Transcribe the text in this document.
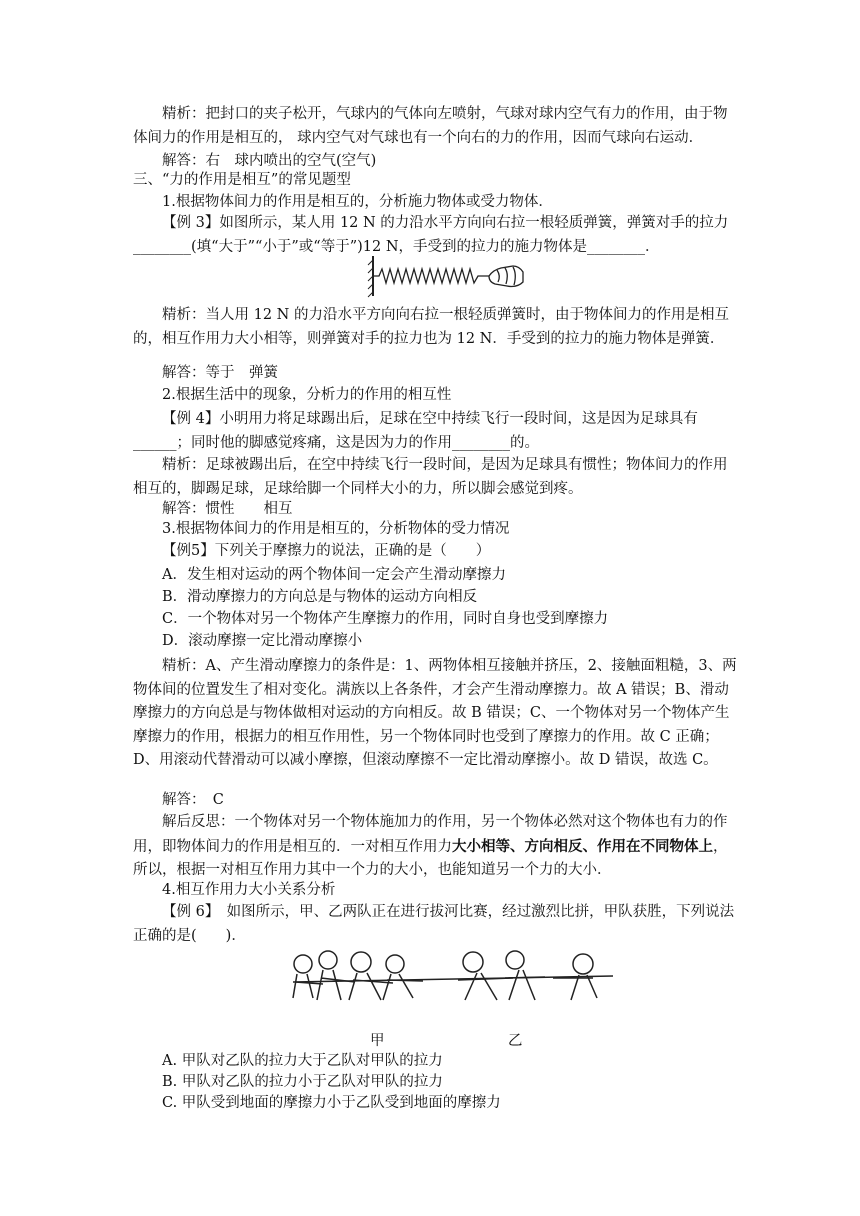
精析：把封口的夹子松开，气球内的气体向左喷射，气球对球内空气有力的作用，由于物体间力的作用是相互的， 球内空气对气球也有一个向右的力的作用，因而气球向右运动．

解答：右　球内喷出的空气(空气)

三、“力的作用是相互”的常见题型

1.根据物体间力的作用是相互的，分析施力物体或受力物体．

【例 3】如图所示，某人用 12 N 的力沿水平方向向右拉一根轻质弹簧，弹簧对手的拉力________(填“大于”“小于”或“等于”)12 N，手受到的拉力的施力物体是________．

精析：当人用 12 N 的力沿水平方向向右拉一根轻质弹簧时，由于物体间力的作用是相互的，相互作用力大小相等，则弹簧对手的拉力也为 12 N．手受到的拉力的施力物体是弹簧．

解答：等于　弹簧

2.根据生活中的现象，分析力的作用的相互性

【例 4】小明用力将足球踢出后，足球在空中持续飞行一段时间，这是因为足球具有______；同时他的脚感觉疼痛，这是因为力的作用________的。

精析：足球被踢出后，在空中持续飞行一段时间，是因为足球具有惯性；物体间力的作用相互的，脚踢足球，足球给脚一个同样大小的力，所以脚会感觉到疼。

解答：惯性　　相互

3.根据物体间力的作用是相互的，分析物体的受力情况

【例5】下列关于摩擦力的说法，正确的是（　　）

A．发生相对运动的两个物体间一定会产生滑动摩擦力

B．滑动摩擦力的方向总是与物体的运动方向相反

C．一个物体对另一个物体产生摩擦力的作用，同时自身也受到摩擦力

D．滚动摩擦一定比滑动摩擦小

精析：A、产生滑动摩擦力的条件是：1、两物体相互接触并挤压，2、接触面粗糙，3、两物体间的位置发生了相对变化。满族以上各条件，才会产生滑动摩擦力。故 A 错误；B、滑动摩擦力的方向总是与物体做相对运动的方向相反。故 B 错误；C、一个物体对另一个物体产生摩擦力的作用，根据力的相互作用性，另一个物体同时也受到了摩擦力的作用。故 C 正确；D、用滚动代替滑动可以减小摩擦，但滚动摩擦不一定比滑动摩擦小。故 D 错误，故选 C。

解答：　C

解后反思：一个物体对另一个物体施加力的作用，另一个物体必然对这个物体也有力的作用，即物体间力的作用是相互的．一对相互作用力大小相等、方向相反、作用在不同物体上，所以，根据一对相互作用力其中一个力的大小，也能知道另一个力的大小．

4.相互作用力大小关系分析

【例 6】　如图所示，甲、乙两队正在进行拔河比赛，经过激烈比拼，甲队获胜，下列说法正确的是(　　)．

甲	乙

A. 甲队对乙队的拉力大于乙队对甲队的拉力

B. 甲队对乙队的拉力小于乙队对甲队的拉力

C. 甲队受到地面的摩擦力小于乙队受到地面的摩擦力
